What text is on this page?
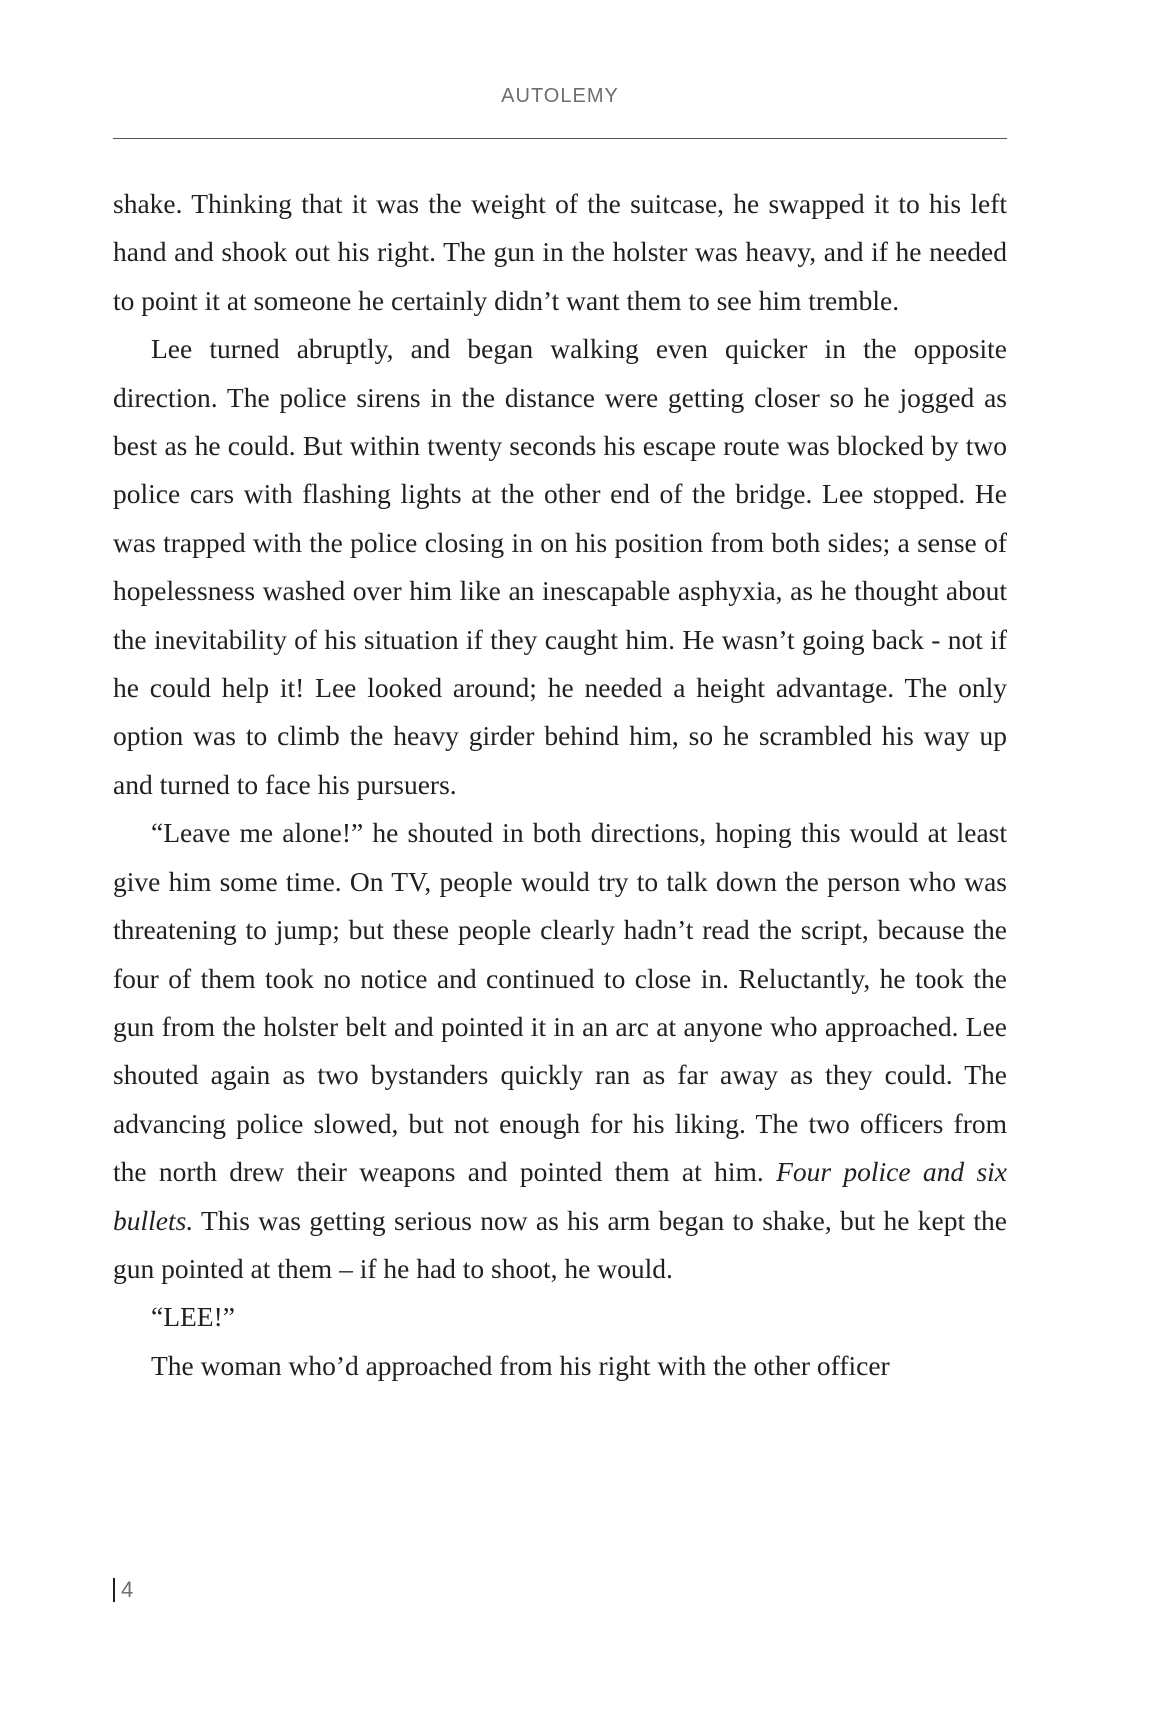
AUTOLEMY

shake. Thinking that it was the weight of the suitcase, he swapped it to his left hand and shook out his right. The gun in the holster was heavy, and if he needed to point it at someone he certainly didn’t want them to see him tremble.

Lee turned abruptly, and began walking even quicker in the opposite direction. The police sirens in the distance were getting closer so he jogged as best as he could. But within twenty seconds his escape route was blocked by two police cars with flashing lights at the other end of the bridge. Lee stopped. He was trapped with the police closing in on his position from both sides; a sense of hopelessness washed over him like an inescapable asphyxia, as he thought about the inevitability of his situation if they caught him. He wasn’t going back - not if he could help it! Lee looked around; he needed a height advantage. The only option was to climb the heavy girder behind him, so he scrambled his way up and turned to face his pursuers.

“Leave me alone!” he shouted in both directions, hoping this would at least give him some time. On TV, people would try to talk down the person who was threatening to jump; but these people clearly hadn’t read the script, because the four of them took no notice and continued to close in. Reluctantly, he took the gun from the holster belt and pointed it in an arc at anyone who approached. Lee shouted again as two bystanders quickly ran as far away as they could. The advancing police slowed, but not enough for his liking. The two officers from the north drew their weapons and pointed them at him. Four police and six bullets. This was getting serious now as his arm began to shake, but he kept the gun pointed at them – if he had to shoot, he would.

“LEE!”

The woman who’d approached from his right with the other officer

4
